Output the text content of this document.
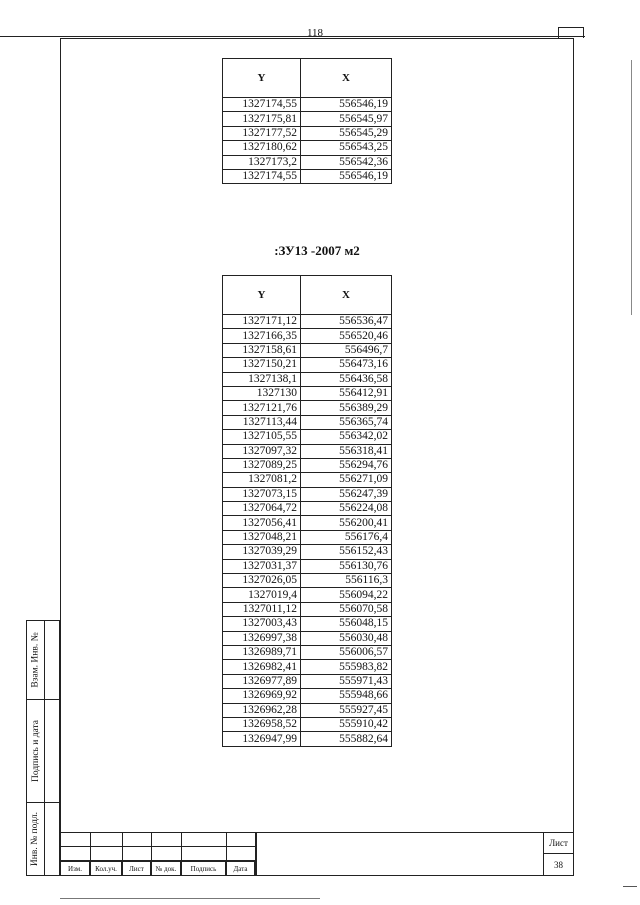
118
Y	X
1327174,55	556546,19
1327175,81	556545,97
1327177,52	556545,29
1327180,62	556543,25
1327173,2	556542,36
1327174,55	556546,19
:ЗУ13 -2007 м2
Y	X
1327171,12	556536,47
1327166,35	556520,46
1327158,61	556496,7
1327150,21	556473,16
1327138,1	556436,58
1327130	556412,91
1327121,76	556389,29
1327113,44	556365,74
1327105,55	556342,02
1327097,32	556318,41
1327089,25	556294,76
1327081,2	556271,09
1327073,15	556247,39
1327064,72	556224,08
1327056,41	556200,41
1327048,21	556176,4
1327039,29	556152,43
1327031,37	556130,76
1327026,05	556116,3
1327019,4	556094,22
1327011,12	556070,58
1327003,43	556048,15
1326997,38	556030,48
1326989,71	556006,57
1326982,41	555983,82
1326977,89	555971,43
1326969,92	555948,66
1326962,28	555927,45
1326958,52	555910,42
1326947,99	555882,64
Взам. Инв. №
Подпись и дата
Инв. № подл.
Изм. Кол.уч. Лист № док. Подпись Дата
Лист
38
